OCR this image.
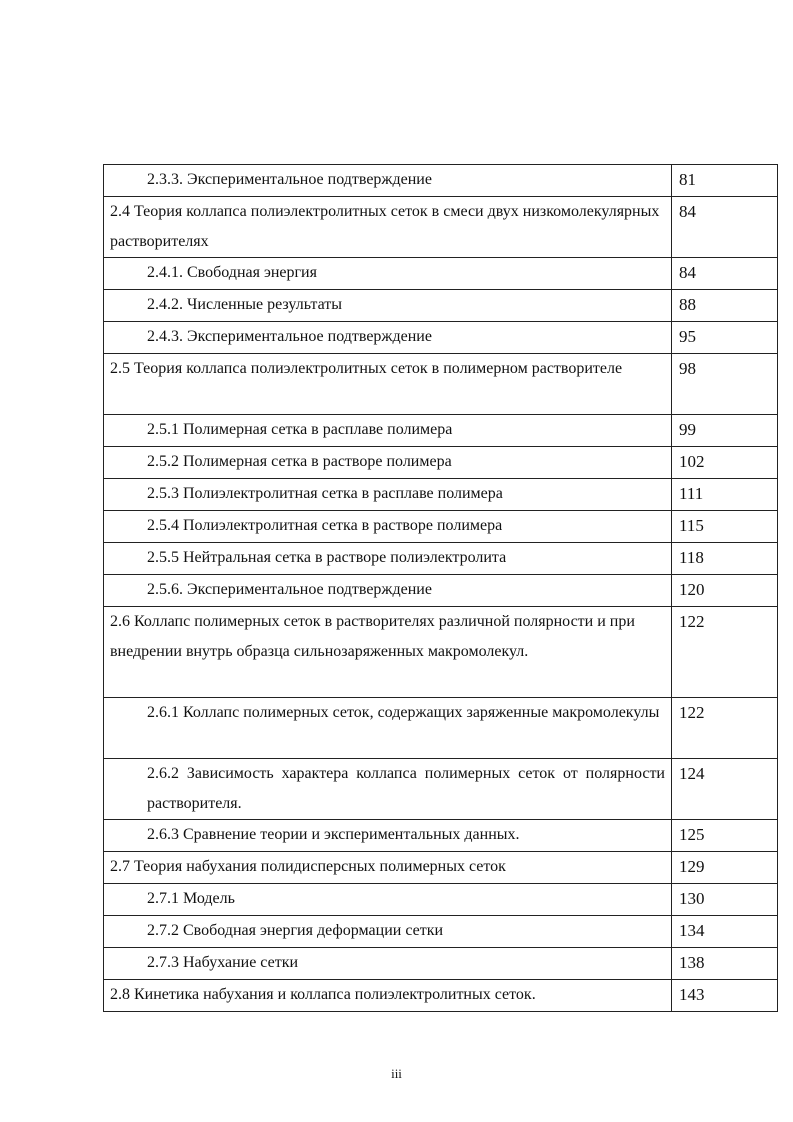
2.3.3. Экспериментальное подтверждение	81
2.4 Теория коллапса полиэлектролитных сеток в смеси двух низкомолекулярных растворителях	84
2.4.1. Свободная энергия	84
2.4.2. Численные результаты	88
2.4.3. Экспериментальное подтверждение	95
2.5 Теория коллапса полиэлектролитных сеток в полимерном растворителе	98
2.5.1 Полимерная сетка в расплаве полимера	99
2.5.2 Полимерная сетка в растворе полимера	102
2.5.3 Полиэлектролитная сетка в расплаве полимера	111
2.5.4 Полиэлектролитная сетка в растворе полимера	115
2.5.5 Нейтральная сетка в растворе полиэлектролита	118
2.5.6. Экспериментальное подтверждение	120
2.6 Коллапс полимерных сеток в растворителях различной полярности и при внедрении внутрь образца сильнозаряженных макромолекул.	122
2.6.1 Коллапс полимерных сеток, содержащих заряженные макромолекулы	122
2.6.2 Зависимость характера коллапса полимерных сеток от полярности растворителя.	124
2.6.3 Сравнение теории и экспериментальных данных.	125
2.7 Теория набухания полидисперсных полимерных сеток	129
2.7.1 Модель	130
2.7.2 Свободная энергия деформации сетки	134
2.7.3 Набухание сетки	138
2.8 Кинетика набухания и коллапса полиэлектролитных сеток.	143
iii
